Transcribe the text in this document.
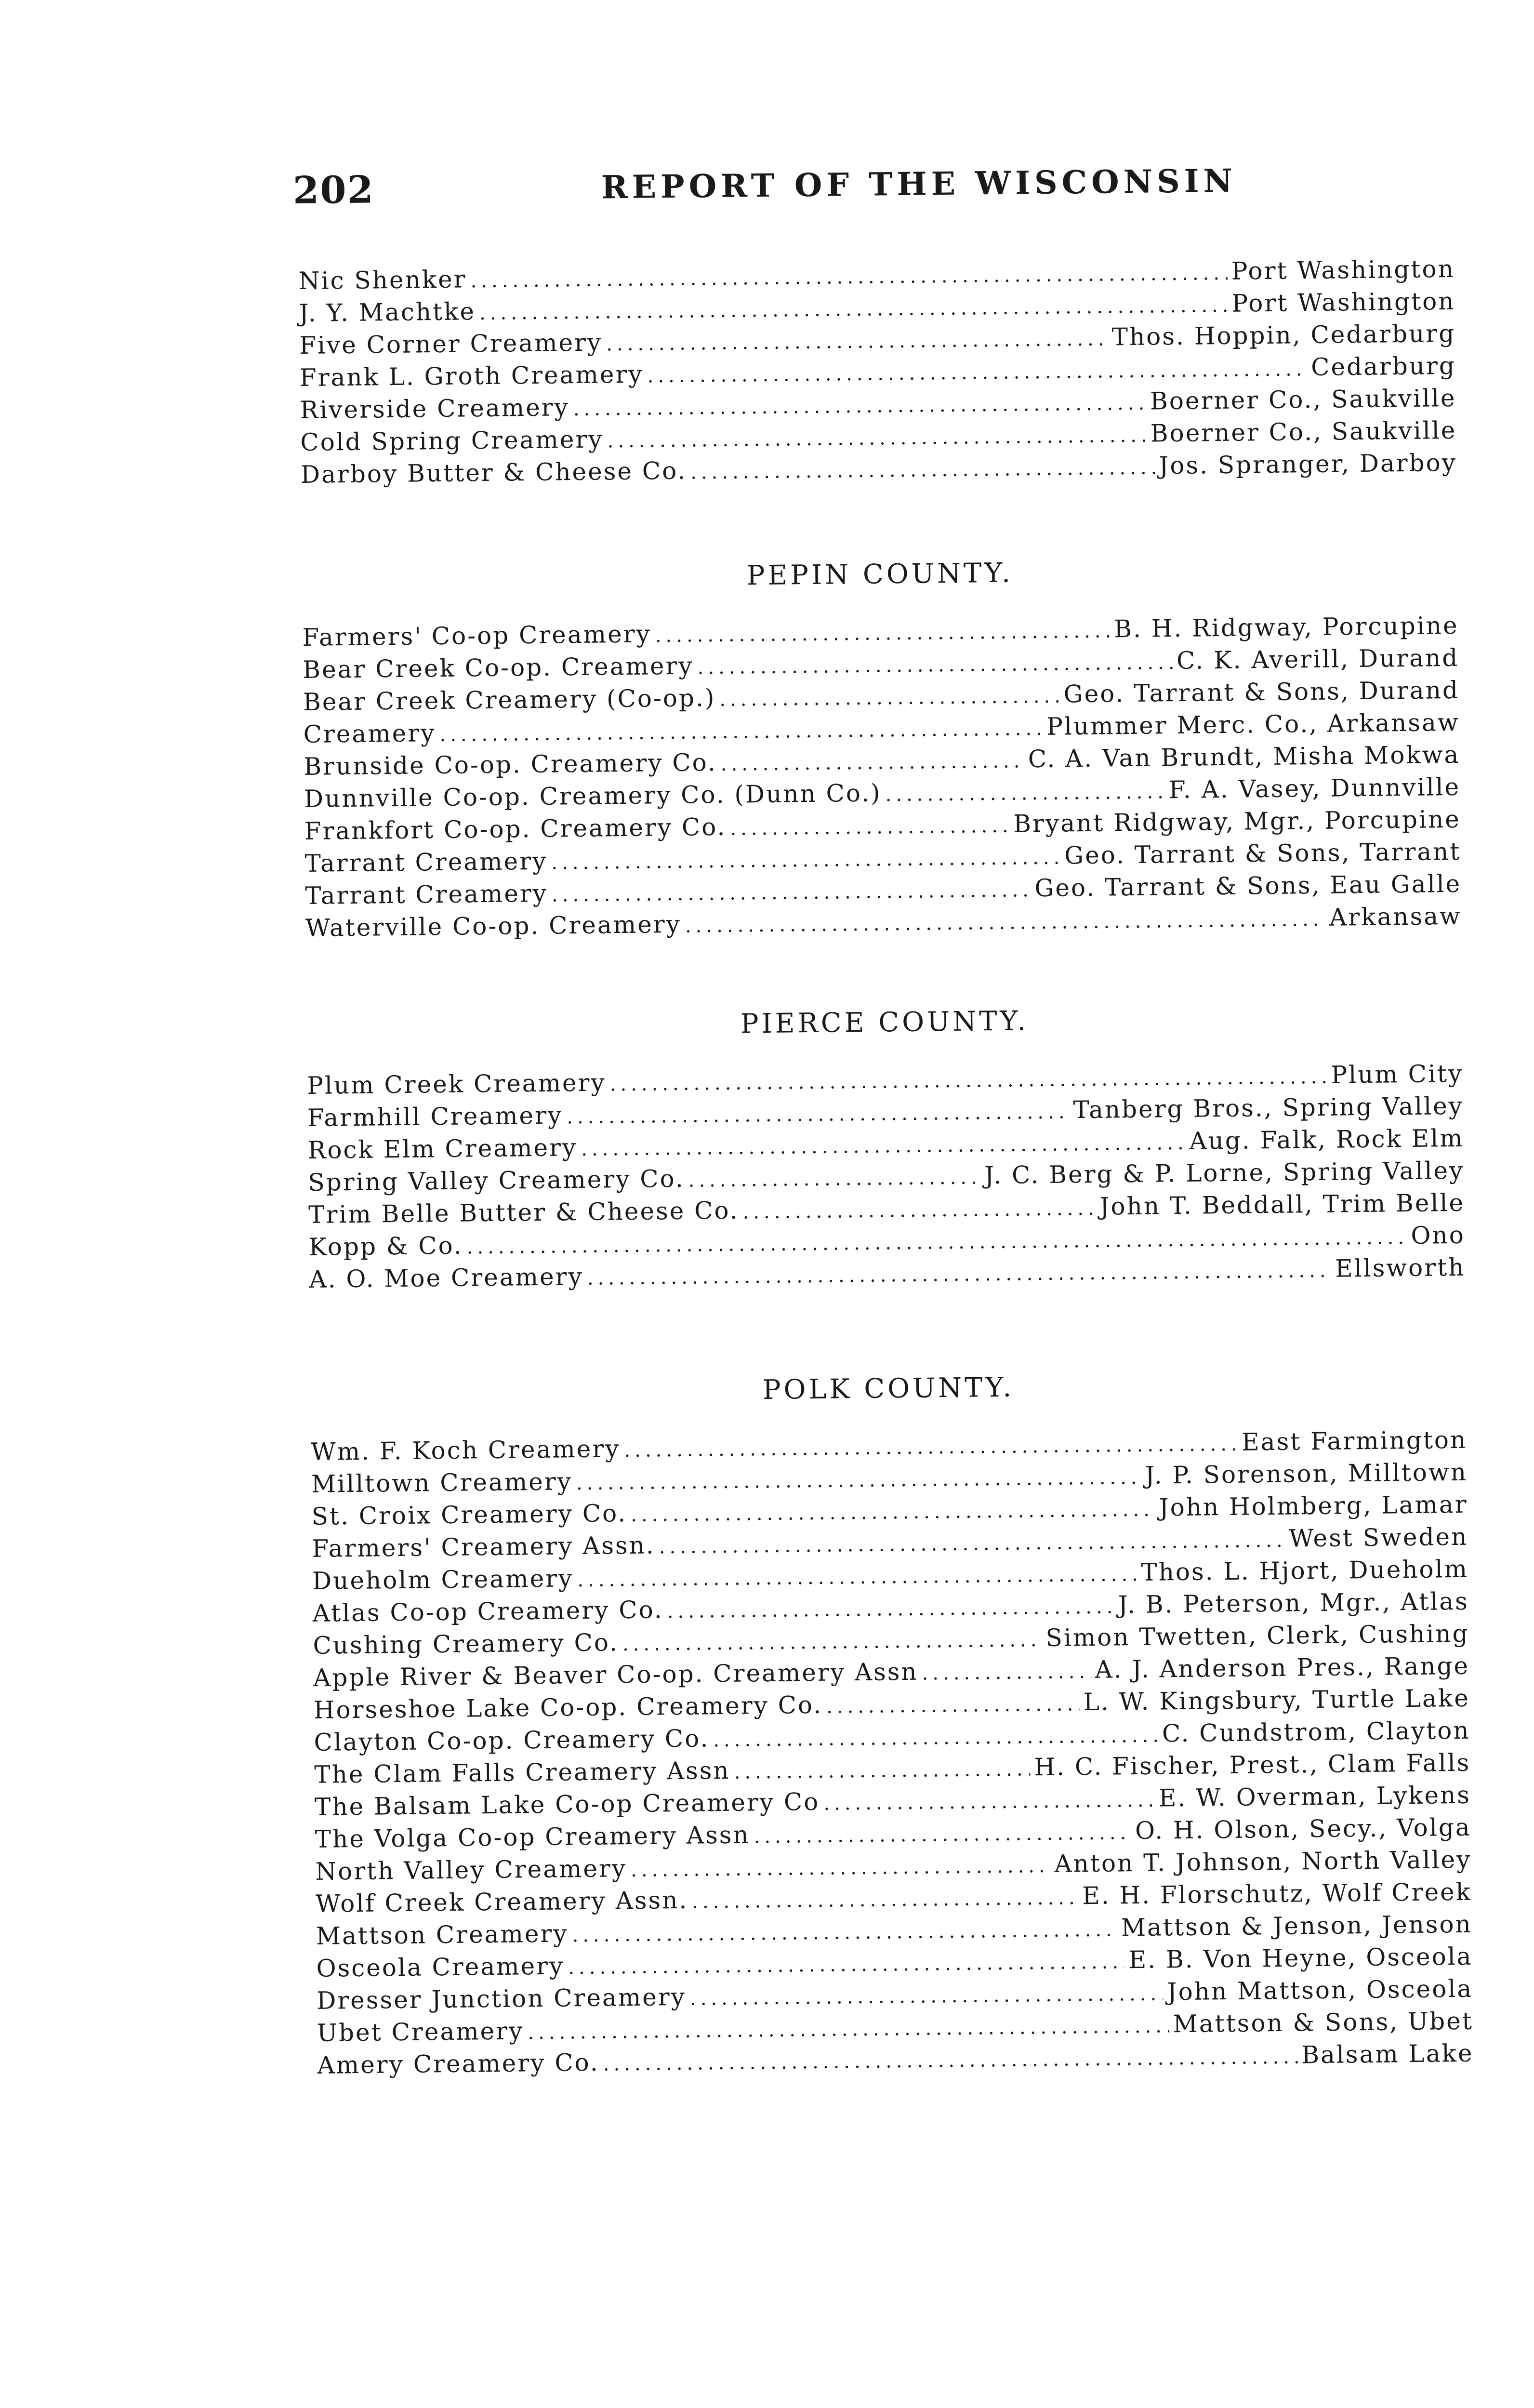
202	REPORT OF THE WISCONSIN
Nic Shenker .....	Port Washington
J. Y. Machtke .....	Port Washington
Five Corner Creamery .....	Thos. Hoppin, Cedarburg
Frank L. Groth Creamery .....	Cedarburg
Riverside Creamery .....	Boerner Co., Saukville
Cold Spring Creamery .....	Boerner Co., Saukville
Darboy Butter & Cheese Co. .....	Jos. Spranger, Darboy
PEPIN COUNTY.
Farmers' Co-op Creamery .....	B. H. Ridgway, Porcupine
Bear Creek Co-op. Creamery .....	C. K. Averill, Durand
Bear Creek Creamery (Co-op.) .....	Geo. Tarrant & Sons, Durand
Creamery .....	Plummer Merc. Co., Arkansaw
Brunside Co-op. Creamery Co. .....	C. A. Van Brundt, Misha Mokwa
Dunnville Co-op. Creamery Co. (Dunn Co.) .....	F. A. Vasey, Dunnville
Frankfort Co-op. Creamery Co. .....	Bryant Ridgway, Mgr., Porcupine
Tarrant Creamery .....	Geo. Tarrant & Sons, Tarrant
Tarrant Creamery .....	Geo. Tarrant & Sons, Eau Galle
Waterville Co-op. Creamery .....	Arkansaw
PIERCE COUNTY.
Plum Creek Creamery .....	Plum City
Farmhill Creamery .....	Tanberg Bros., Spring Valley
Rock Elm Creamery .....	Aug. Falk, Rock Elm
Spring Valley Creamery Co. .....	J. C. Berg & P. Lorne, Spring Valley
Trim Belle Butter & Cheese Co. .....	John T. Beddall, Trim Belle
Kopp & Co. .....	Ono
A. O. Moe Creamery .....	Ellsworth
POLK COUNTY.
Wm. F. Koch Creamery .....	East Farmington
Milltown Creamery .....	J. P. Sorenson, Milltown
St. Croix Creamery Co. .....	John Holmberg, Lamar
Farmers' Creamery Assn. .....	West Sweden
Dueholm Creamery .....	Thos. L. Hjort, Dueholm
Atlas Co-op Creamery Co. .....	J. B. Peterson, Mgr., Atlas
Cushing Creamery Co. .....	Simon Twetten, Clerk, Cushing
Apple River & Beaver Co-op. Creamery Assn .....	A. J. Anderson Pres., Range
Horseshoe Lake Co-op. Creamery Co. .....	L. W. Kingsbury, Turtle Lake
Clayton Co-op. Creamery Co. .....	C. Cundstrom, Clayton
The Clam Falls Creamery Assn .....	H. C. Fischer, Prest., Clam Falls
The Balsam Lake Co-op Creamery Co .....	E. W. Overman, Lykens
The Volga Co-op Creamery Assn .....	O. H. Olson, Secy., Volga
North Valley Creamery .....	Anton T. Johnson, North Valley
Wolf Creek Creamery Assn. .....	E. H. Florschutz, Wolf Creek
Mattson Creamery .....	Mattson & Jenson, Jenson
Osceola Creamery .....	E. B. Von Heyne, Osceola
Dresser Junction Creamery .....	John Mattson, Osceola
Ubet Creamery .....	Mattson & Sons, Ubet
Amery Creamery Co. .....	Balsam Lake
